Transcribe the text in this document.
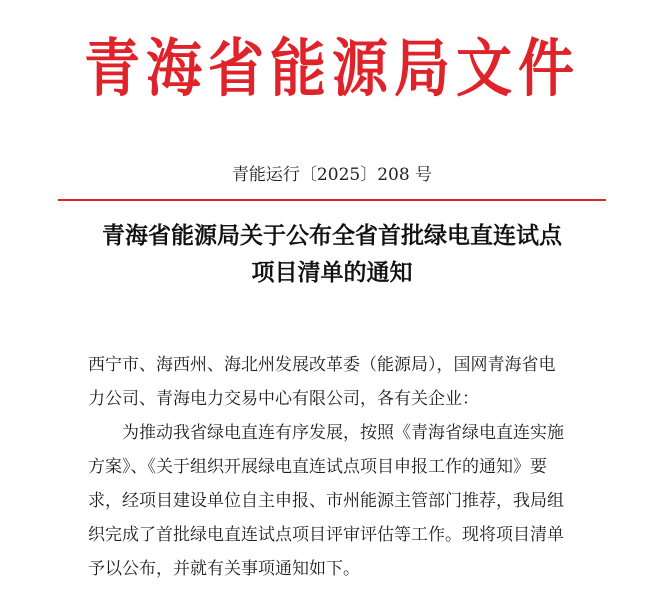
青海省能源局文件
青能运行〔2025〕208 号
青海省能源局关于公布全省首批绿电直连试点
项目清单的通知
西宁市、海西州、海北州发展改革委（能源局），国网青海省电
力公司、青海电力交易中心有限公司，各有关企业：
为推动我省绿电直连有序发展，按照《青海省绿电直连实施
方案》、《关于组织开展绿电直连试点项目申报工作的通知》要
求，经项目建设单位自主申报、市州能源主管部门推荐，我局组
织完成了首批绿电直连试点项目评审评估等工作。现将项目清单
予以公布，并就有关事项通知如下。
